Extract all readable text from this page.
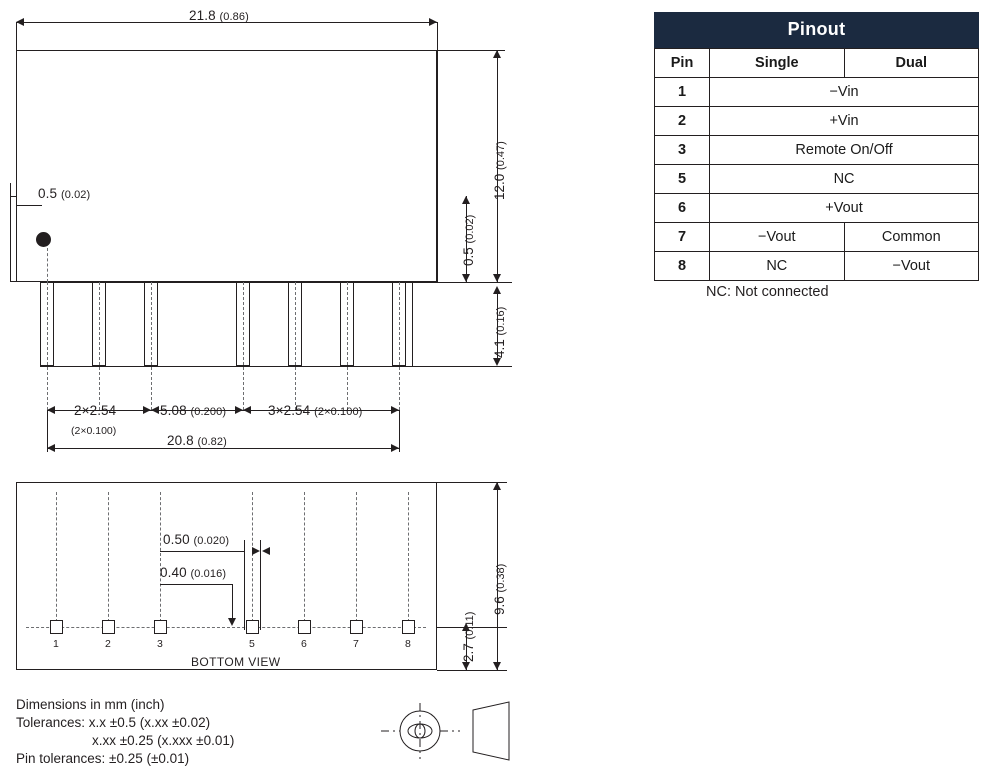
21.8 (0.86)
0.5 (0.02)	12.0 (0.47)
0.5 (0.02)
4.1 (0.16)
2×2.54
(2×0.100)
5.08 (0.200)	3×2.54 (2×0.100)
20.8 (0.82)
1	2	3	5	6	7	8
BOTTOM VIEW
0.50 (0.020)
0.40 (0.016)
2.7 (0.11)
9.6 (0.38)
Dimensions in mm (inch)
Tolerances: x.x ±0.5 (x.xx ±0.02)
x.xx ±0.25 (x.xxx ±0.01)
Pin tolerances: ±0.25 (±0.01)
Pinout
Pin	Single	Dual
1	−Vin	
2	+Vin	
3	Remote On/Off	
5	NC	
6	+Vout	
7	−Vout	Common
8	NC	−Vout
NC: Not connected
